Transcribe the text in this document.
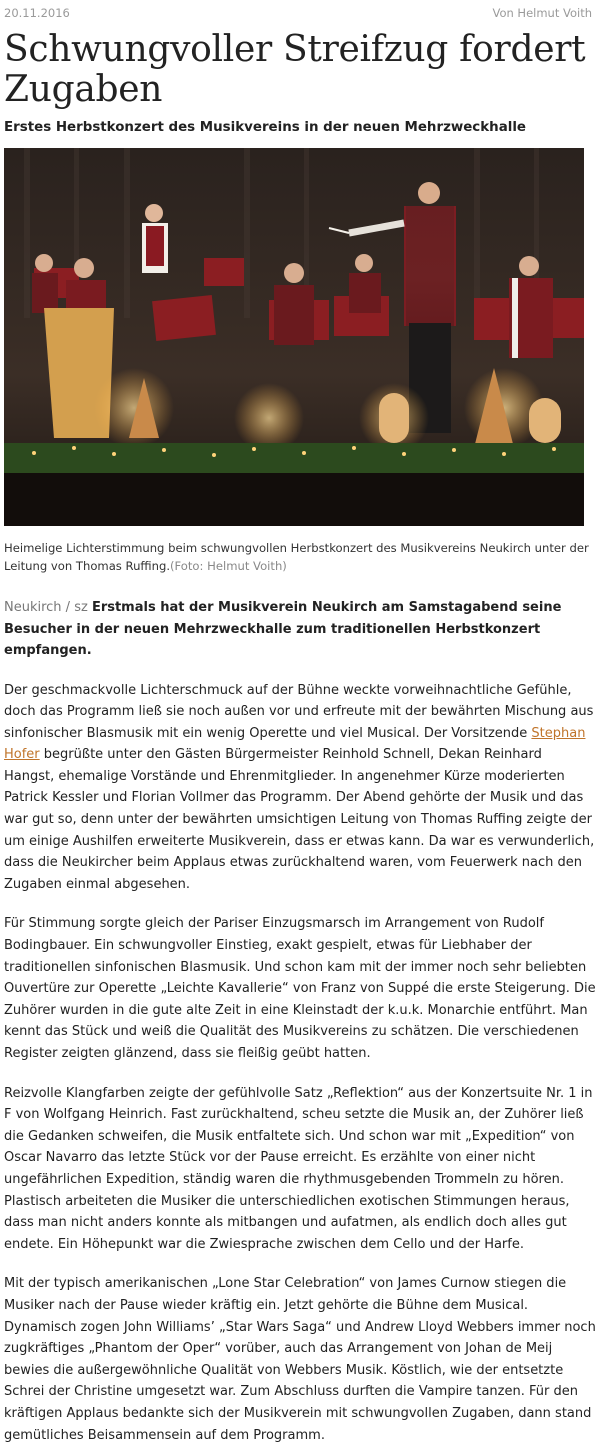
20.11.2016	Von Helmut Voith
Schwungvoller Streifzug fordert Zugaben
Erstes Herbstkonzert des Musikvereins in der neuen Mehrzweckhalle
Heimelige Lichterstimmung beim schwungvollen Herbstkonzert des Musikvereins Neukirch unter der Leitung von Thomas Ruffing.(Foto: Helmut Voith)
Neukirch / sz Erstmals hat der Musikverein Neukirch am Samstagabend seine Besucher in der neuen Mehrzweckhalle zum traditionellen Herbstkonzert empfangen.

Der geschmackvolle Lichterschmuck auf der Bühne weckte vorweihnachtliche Gefühle, doch das Programm ließ sie noch außen vor und erfreute mit der bewährten Mischung aus sinfonischer Blasmusik mit ein wenig Operette und viel Musical. Der Vorsitzende Stephan Hofer begrüßte unter den Gästen Bürgermeister Reinhold Schnell, Dekan Reinhard Hangst, ehemalige Vorstände und Ehrenmitglieder. In angenehmer Kürze moderierten Patrick Kessler und Florian Vollmer das Programm. Der Abend gehörte der Musik und das war gut so, denn unter der bewährten umsichtigen Leitung von Thomas Ruffing zeigte der um einige Aushilfen erweiterte Musikverein, dass er etwas kann. Da war es verwunderlich, dass die Neukircher beim Applaus etwas zurückhaltend waren, vom Feuerwerk nach den Zugaben einmal abgesehen.

Für Stimmung sorgte gleich der Pariser Einzugsmarsch im Arrangement von Rudolf Bodingbauer. Ein schwungvoller Einstieg, exakt gespielt, etwas für Liebhaber der traditionellen sinfonischen Blasmusik. Und schon kam mit der immer noch sehr beliebten Ouvertüre zur Operette „Leichte Kavallerie“ von Franz von Suppé die erste Steigerung. Die Zuhörer wurden in die gute alte Zeit in eine Kleinstadt der k.u.k. Monarchie entführt. Man kennt das Stück und weiß die Qualität des Musikvereins zu schätzen. Die verschiedenen Register zeigten glänzend, dass sie fleißig geübt hatten.

Reizvolle Klangfarben zeigte der gefühlvolle Satz „Reflektion“ aus der Konzertsuite Nr. 1 in F von Wolfgang Heinrich. Fast zurückhaltend, scheu setzte die Musik an, der Zuhörer ließ die Gedanken schweifen, die Musik entfaltete sich. Und schon war mit „Expedition“ von Oscar Navarro das letzte Stück vor der Pause erreicht. Es erzählte von einer nicht ungefährlichen Expedition, ständig waren die rhythmusgebenden Trommeln zu hören. Plastisch arbeiteten die Musiker die unterschiedlichen exotischen Stimmungen heraus, dass man nicht anders konnte als mitbangen und aufatmen, als endlich doch alles gut endete. Ein Höhepunkt war die Zwiesprache zwischen dem Cello und der Harfe.

Mit der typisch amerikanischen „Lone Star Celebration“ von James Curnow stiegen die Musiker nach der Pause wieder kräftig ein. Jetzt gehörte die Bühne dem Musical. Dynamisch zogen John Williams’ „Star Wars Saga“ und Andrew Lloyd Webbers immer noch zugkräftiges „Phantom der Oper“ vorüber, auch das Arrangement von Johan de Meij bewies die außergewöhnliche Qualität von Webbers Musik. Köstlich, wie der entsetzte Schrei der Christine umgesetzt war. Zum Abschluss durften die Vampire tanzen. Für den kräftigen Applaus bedankte sich der Musikverein mit schwungvollen Zugaben, dann stand gemütliches Beisammensein auf dem Programm.
